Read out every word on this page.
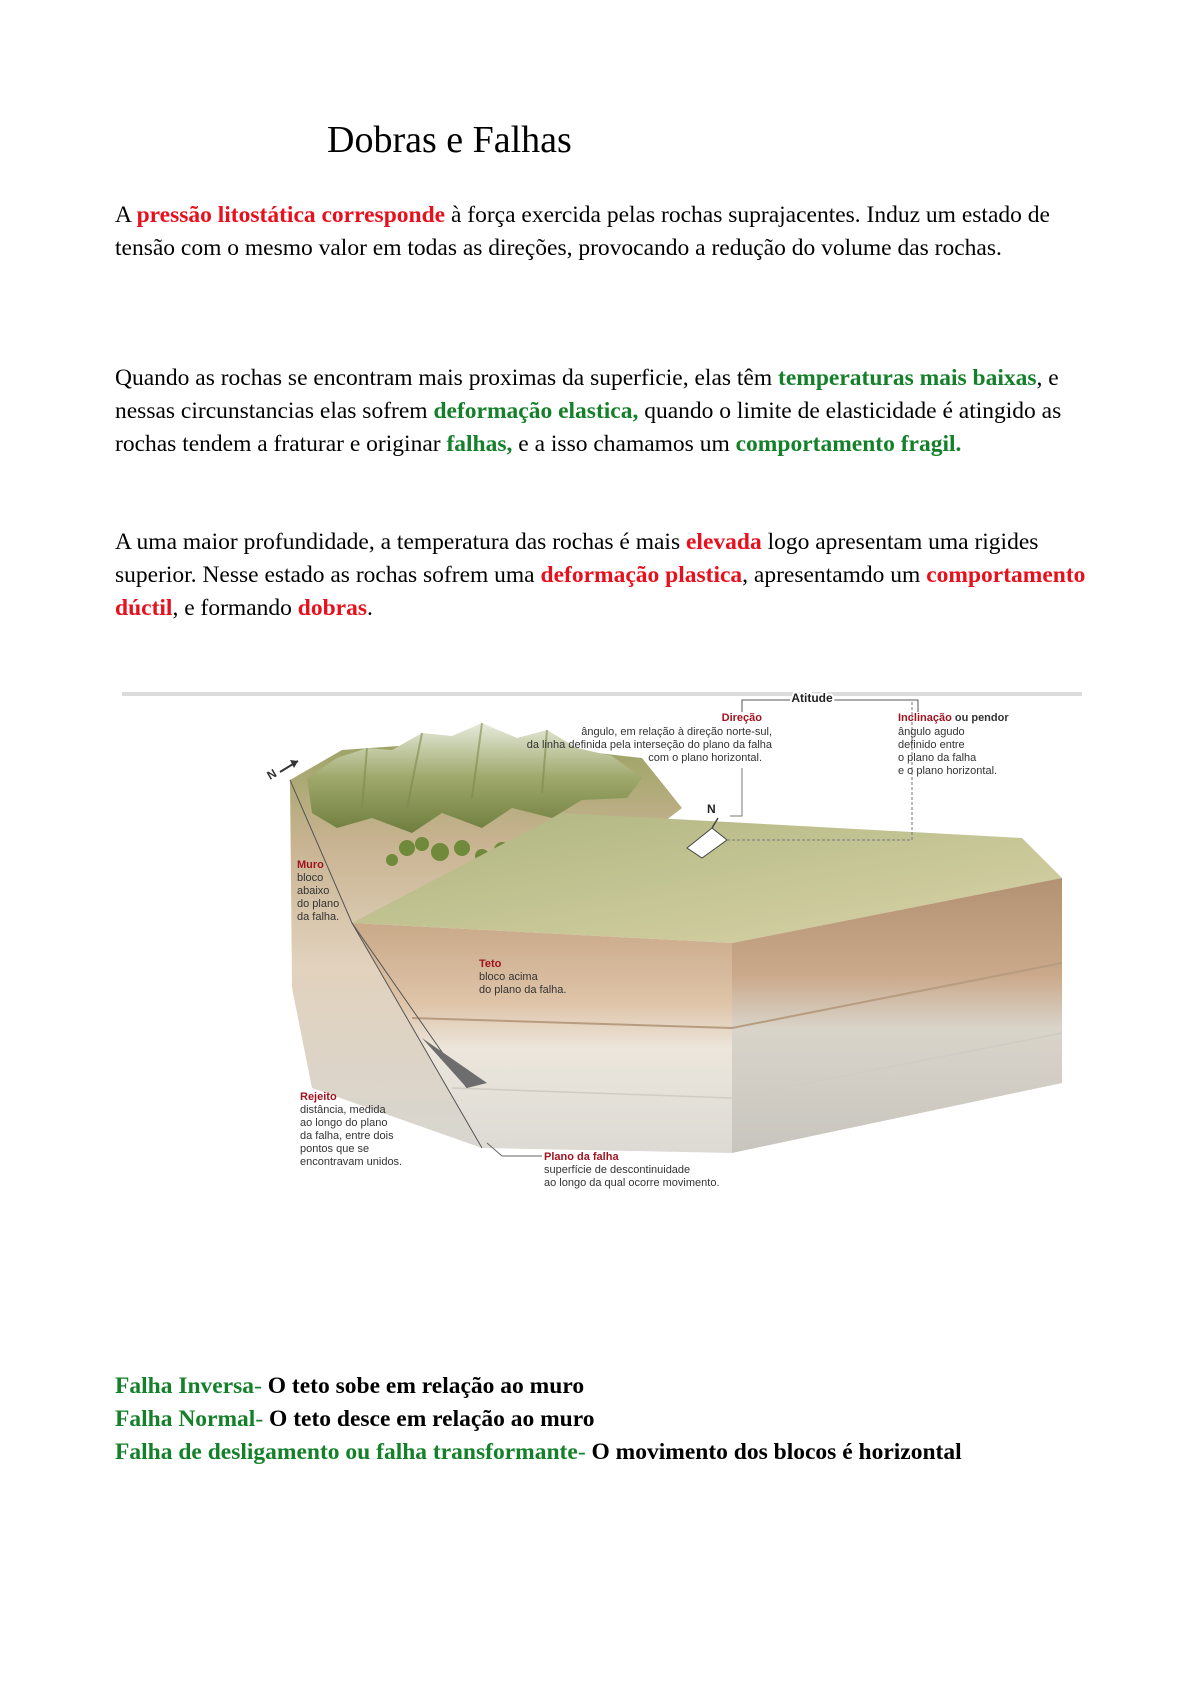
Dobras e Falhas

A pressão litostática corresponde à força exercida pelas rochas suprajacentes. Induz um estado de tensão com o mesmo valor em todas as direções, provocando a redução do volume das rochas.

Quando as rochas se encontram mais proximas da superficie, elas têm temperaturas mais baixas, e nessas circunstancias elas sofrem deformação elastica, quando o limite de elasticidade é atingido as rochas tendem a fraturar e originar falhas, e a isso chamamos um comportamento fragil.

A uma maior profundidade, a temperatura das rochas é mais elevada logo apresentam uma rigides superior. Nesse estado as rochas sofrem uma deformação plastica, apresentamdo um comportamento dúctil, e formando dobras.

N
N
Atitude
Direção
ângulo, em relação à direção norte-sul,
da linha definida pela interseção do plano da falha
com o plano horizontal.
Inclinação ou pendor
ângulo agudo
definido entre
o plano da falha
e o plano horizontal.
Muro
bloco
abaixo
do plano
da falha.
Teto
bloco acima
do plano da falha.
Rejeito
distância, medida
ao longo do plano
da falha, entre dois
pontos que se
encontravam unidos.	Plano da falha
superfície de descontinuidade
ao longo da qual ocorre movimento.
Falha Inversa- O teto sobe em relação ao muro
Falha Normal- O teto desce em relação ao muro
Falha de desligamento ou falha transformante- O movimento dos blocos é horizontal
